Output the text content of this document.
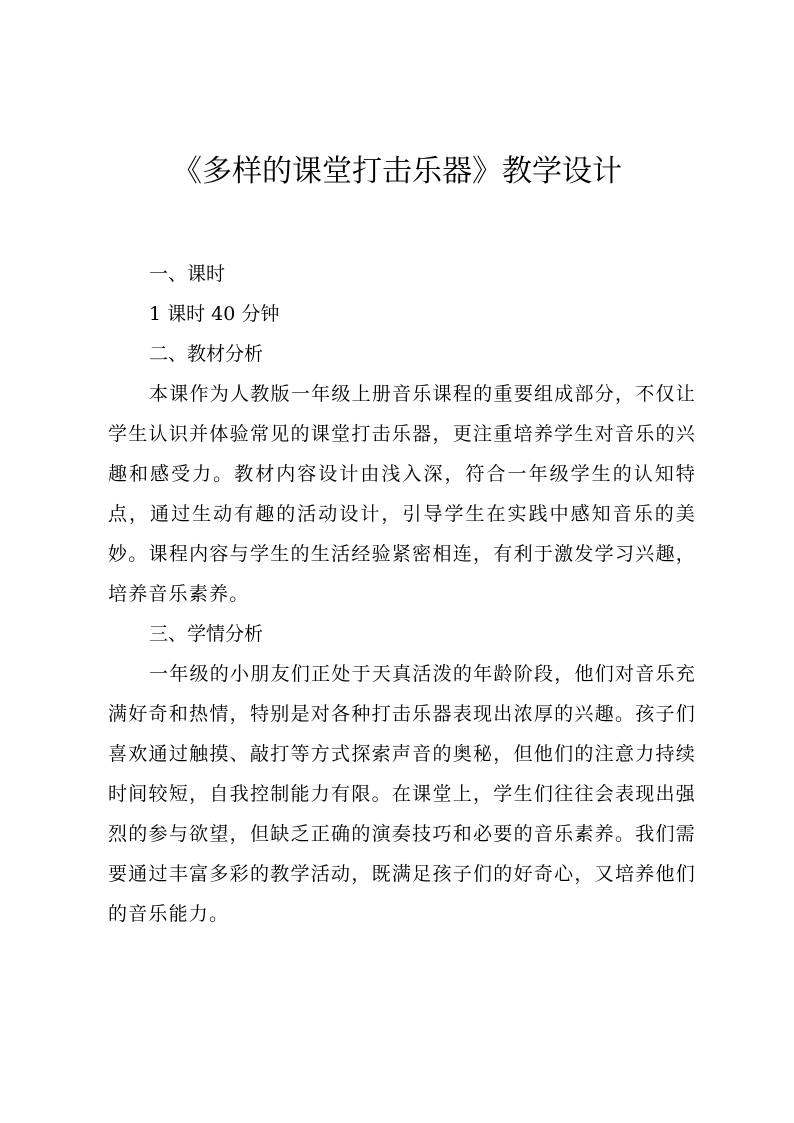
《多样的课堂打击乐器》教学设计
一、课时
1 课时 40 分钟
二、教材分析
本课作为人教版一年级上册音乐课程的重要组成部分，不仅让学生认识并体验常见的课堂打击乐器，更注重培养学生对音乐的兴趣和感受力。教材内容设计由浅入深，符合一年级学生的认知特点，通过生动有趣的活动设计，引导学生在实践中感知音乐的美妙。课程内容与学生的生活经验紧密相连，有利于激发学习兴趣，培养音乐素养。
三、学情分析
一年级的小朋友们正处于天真活泼的年龄阶段，他们对音乐充满好奇和热情，特别是对各种打击乐器表现出浓厚的兴趣。孩子们喜欢通过触摸、敲打等方式探索声音的奥秘，但他们的注意力持续时间较短，自我控制能力有限。在课堂上，学生们往往会表现出强烈的参与欲望，但缺乏正确的演奏技巧和必要的音乐素养。我们需要通过丰富多彩的教学活动，既满足孩子们的好奇心，又培养他们的音乐能力。
